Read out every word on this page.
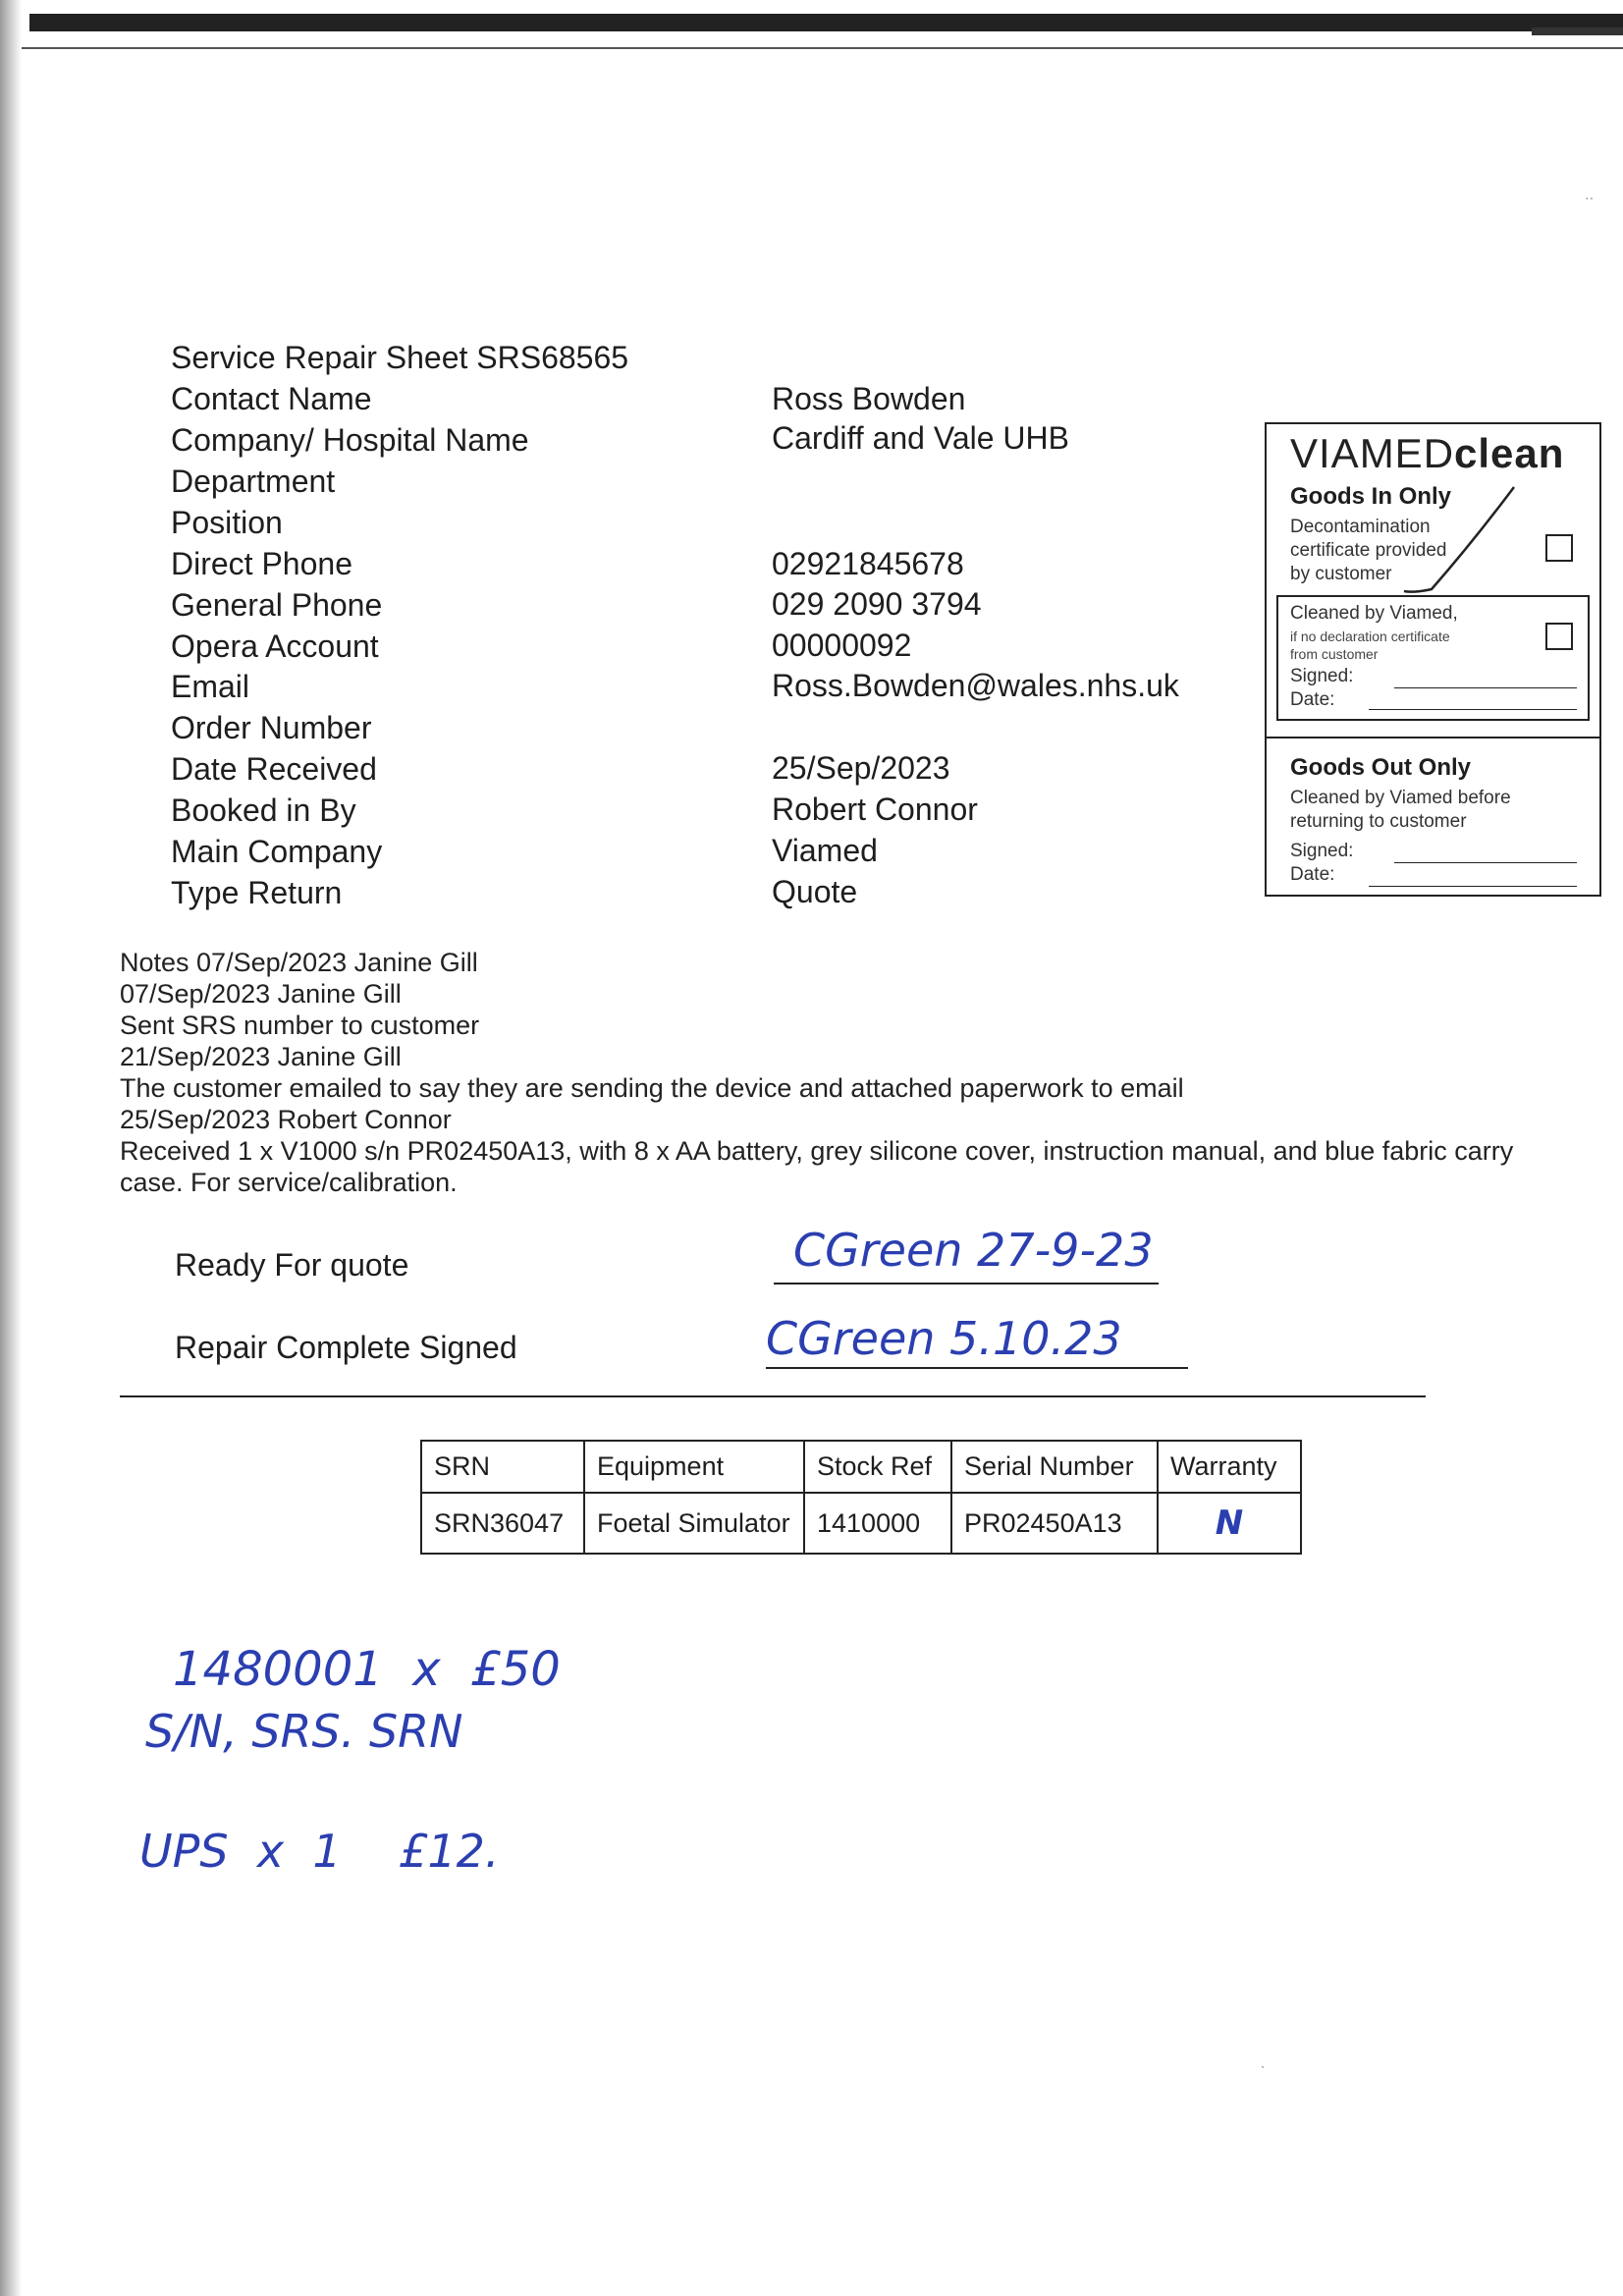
Service Repair Sheet SRS68565
Contact Name	Ross Bowden
Company/ Hospital Name	Cardiff and Vale UHB
Department
Position
Direct Phone	02921845678
General Phone	029 2090 3794
Opera Account	00000092
Email	Ross.Bowden@wales.nhs.uk
Order Number
Date Received	25/Sep/2023
Booked in By	Robert Connor
Main Company	Viamed
Type Return	Quote
VIAMEDclean
Goods In Only
Decontamination
certificate provided
by customer
Cleaned by Viamed,
if no declaration certificate
from customer
Signed:
Date:
Goods Out Only
Cleaned by Viamed before
returning to customer
Signed:
Date:
Notes 07/Sep/2023 Janine Gill
07/Sep/2023 Janine Gill
Sent SRS number to customer
21/Sep/2023 Janine Gill
The customer emailed to say they are sending the device and attached paperwork to email
25/Sep/2023 Robert Connor
Received 1 x V1000 s/n PR02450A13, with 8 x AA battery, grey silicone cover, instruction manual, and blue fabric carry case. For service/calibration.
Ready For quote	CGreen 27-9-23
Repair Complete Signed	CGreen 5.10.23
SRN	Equipment	Stock Ref	Serial Number	Warranty
SRN36047	Foetal Simulator	1410000	PR02450A13	N
1480001  x  £50
S/N, SRS. SRN
UPS  x  1    £12.
‥
ˎ
